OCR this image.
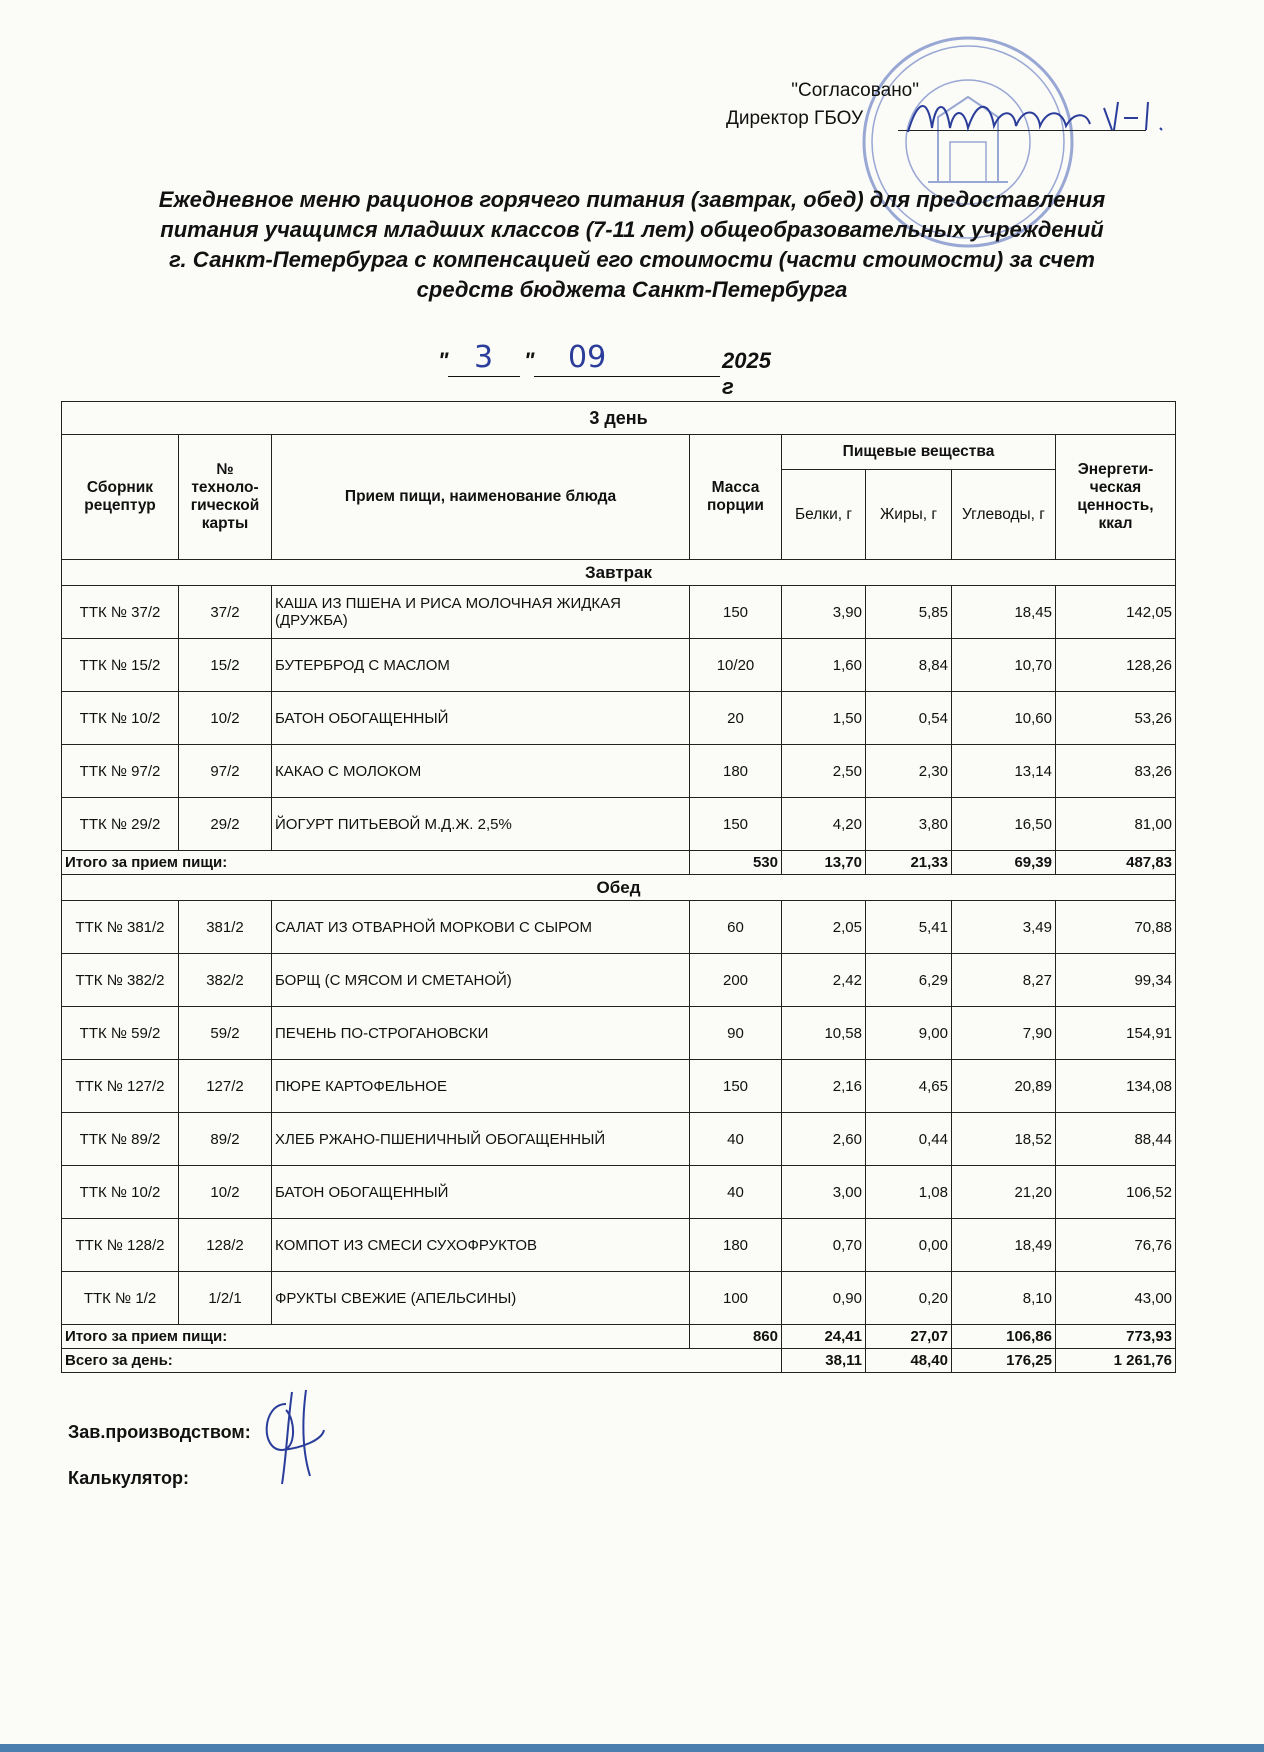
"Согласовано"
Директор ГБОУ
Ежедневное меню рационов горячего питания (завтрак, обед) для предоставления
питания учащимся младших классов (7-11 лет) общеобразовательных учреждений
г. Санкт-Петербурга с компенсацией его стоимости (части стоимости) за счет
средств бюджета Санкт-Петербурга
" 3 " 09	2025 г
3 день							
Сборник рецептур	№ техноло-гической карты	Прием пищи, наименование блюда	Масса порции	Пищевые вещества			Энергети-ческая ценность, ккал
				Белки, г	Жиры, г	Углеводы, г	
Завтрак							
ТТК № 37/2	37/2	КАША ИЗ ПШЕНА И РИСА МОЛОЧНАЯ ЖИДКАЯ (ДРУЖБА)	150	3,90	5,85	18,45	142,05
ТТК № 15/2	15/2	БУТЕРБРОД С МАСЛОМ	10/20	1,60	8,84	10,70	128,26
ТТК № 10/2	10/2	БАТОН ОБОГАЩЕННЫЙ	20	1,50	0,54	10,60	53,26
ТТК № 97/2	97/2	КАКАО С МОЛОКОМ	180	2,50	2,30	13,14	83,26
ТТК № 29/2	29/2	ЙОГУРТ ПИТЬЕВОЙ М.Д.Ж. 2,5%	150	4,20	3,80	16,50	81,00
Итого за прием пищи:			530	13,70	21,33	69,39	487,83
Обед							
ТТК № 381/2	381/2	САЛАТ ИЗ ОТВАРНОЙ МОРКОВИ С СЫРОМ	60	2,05	5,41	3,49	70,88
ТТК № 382/2	382/2	БОРЩ (С МЯСОМ И СМЕТАНОЙ)	200	2,42	6,29	8,27	99,34
ТТК № 59/2	59/2	ПЕЧЕНЬ ПО-СТРОГАНОВСКИ	90	10,58	9,00	7,90	154,91
ТТК № 127/2	127/2	ПЮРЕ КАРТОФЕЛЬНОЕ	150	2,16	4,65	20,89	134,08
ТТК № 89/2	89/2	ХЛЕБ РЖАНО-ПШЕНИЧНЫЙ ОБОГАЩЕННЫЙ	40	2,60	0,44	18,52	88,44
ТТК № 10/2	10/2	БАТОН ОБОГАЩЕННЫЙ	40	3,00	1,08	21,20	106,52
ТТК № 128/2	128/2	КОМПОТ ИЗ СМЕСИ СУХОФРУКТОВ	180	0,70	0,00	18,49	76,76
ТТК № 1/2	1/2/1	ФРУКТЫ СВЕЖИЕ (АПЕЛЬСИНЫ)	100	0,90	0,20	8,10	43,00
Итого за прием пищи:			860	24,41	27,07	106,86	773,93
Всего за день:				38,11	48,40	176,25	1 261,76
Зав.производством:
Калькулятор:
